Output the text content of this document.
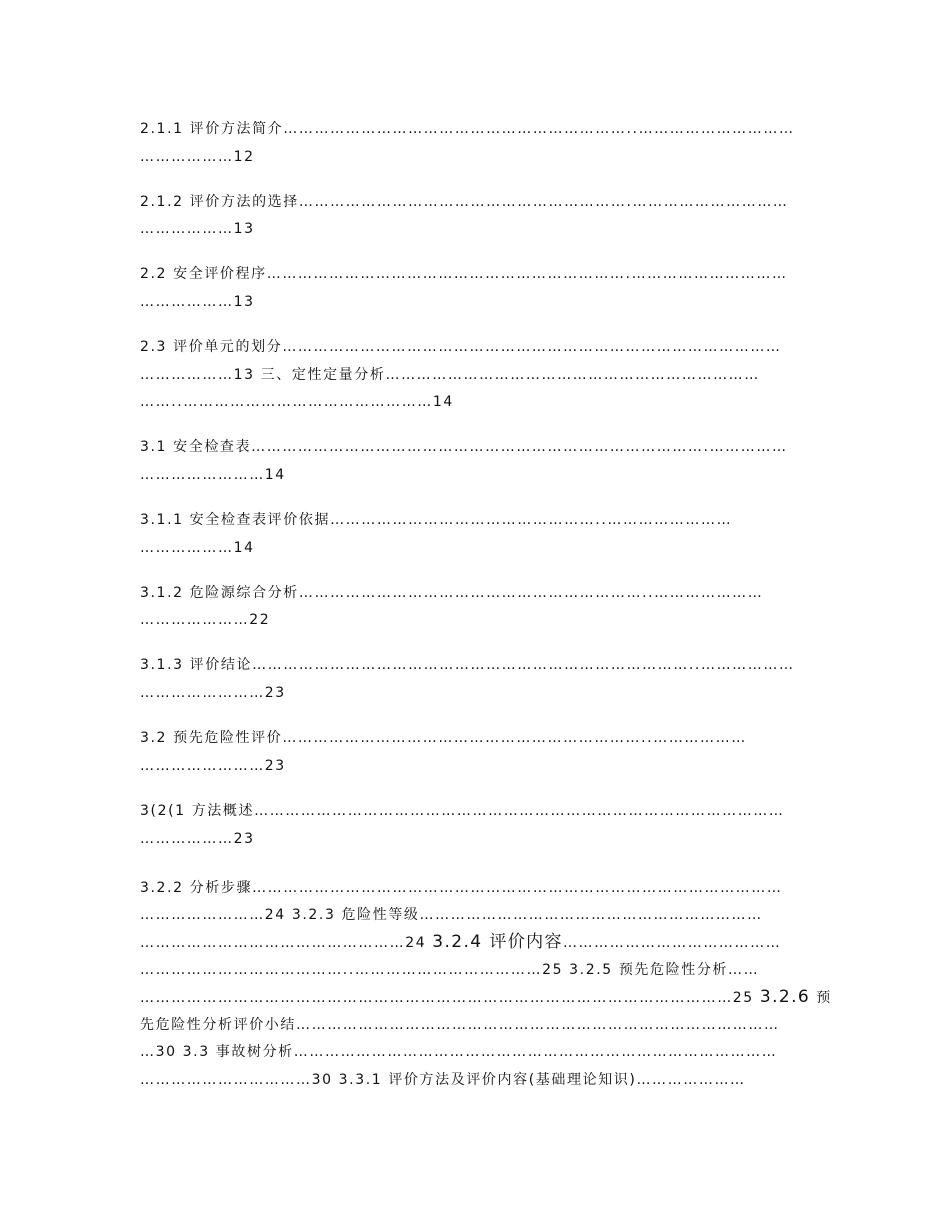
2.1.1 评价方法简介…………………………………………………………..…………………………
………………12
2.1.2 评价方法的选择……………………………………………………….…………………………
………………13
2.2 安全评价程序…………………………………………………………….…………………………
………………13
2.3 评价单元的划分……………………………………………………………………………………
………………13 三、定性定量分析………………………………………………………………
……..…………………………………………14
3.1 安全检查表…………………………………………………………………………….……………
……………………14
3.1.1 安全检查表评价依据……………………………………………..……………………
………………14
3.1.2 危险源综合分析…………………………………………………………..…………………
…………………22
3.1.3 评价结论…………………………………………………………………………..………………
……………………23
3.2 预先危险性评价……………………………………………………………..………………
……………………23
3(2(1 方法概述…………………………………………………………………………………………
………………23
3.2.2 分析步骤…………………………………………………………………………………………
……………………24 3.2.3 危险性等级…………………………………………………………
……………………………………………24 3.2.4 评价内容……………………………………
…………………………………..………………………………25 3.2.5 预先危险性分析……
……………………………………………………………………………………………………25 3.2.6 预
先危险性分析评价小结…………………………………………………………………………………
…30 3.3 事故树分析…………………………………………………………………………………
……………………………30 3.3.1 评价方法及评价内容(基础理论知识)…………………
